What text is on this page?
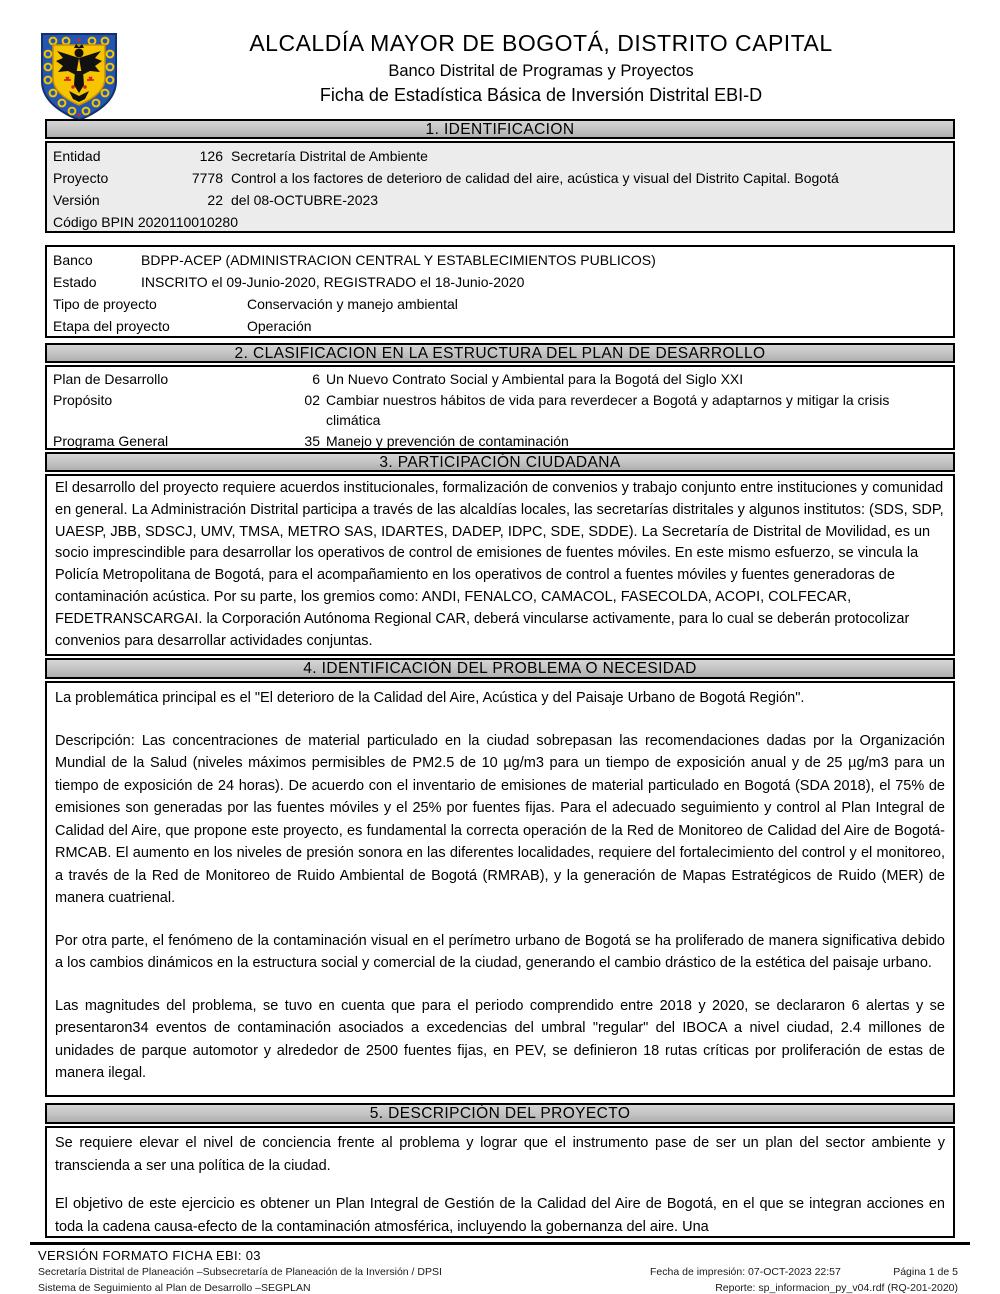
ALCALDÍA MAYOR DE BOGOTÁ, DISTRITO CAPITAL
Banco Distrital de Programas y Proyectos
Ficha de Estadística Básica de Inversión Distrital EBI-D
1. IDENTIFICACION
Entidad	126 Secretaría Distrital de Ambiente
Proyecto	7778 Control a los factores de deterioro de calidad del aire, acústica y visual del Distrito Capital. Bogotá
Versión	22 del 08-OCTUBRE-2023
Código BPIN 2020110010280
Banco	BDPP-ACEP (ADMINISTRACION CENTRAL Y ESTABLECIMIENTOS PUBLICOS)
Estado	INSCRITO el 09-Junio-2020, REGISTRADO el 18-Junio-2020
Tipo de proyecto	Conservación y manejo ambiental
Etapa del proyecto	Operación
2. CLASIFICACION EN LA ESTRUCTURA DEL PLAN DE DESARROLLO
Plan de Desarrollo	6 Un Nuevo Contrato Social y Ambiental para la Bogotá del Siglo XXI
Propósito	02 Cambiar nuestros hábitos de vida para reverdecer a Bogotá y adaptarnos y mitigar la crisis climática
Programa General	35 Manejo y prevención de contaminación
3. PARTICIPACIÓN CIUDADANA

El desarrollo del proyecto requiere acuerdos institucionales, formalización de convenios y trabajo conjunto entre instituciones y comunidad en general. La Administración Distrital participa a través de las alcaldías locales, las secretarías distritales y algunos institutos: (SDS, SDP, UAESP, JBB, SDSCJ, UMV, TMSA, METRO SAS, IDARTES, DADEP, IDPC, SDE, SDDE). La Secretaría de Distrital de Movilidad, es un socio imprescindible para desarrollar los operativos de control de emisiones de fuentes móviles. En este mismo esfuerzo, se vincula la Policía Metropolitana de Bogotá, para el acompañamiento en los operativos de control a fuentes móviles y fuentes generadoras de contaminación acústica. Por su parte, los gremios como: ANDI, FENALCO, CAMACOL, FASECOLDA, ACOPI, COLFECAR, FEDETRANSCARGAI. la Corporación Autónoma Regional CAR, deberá vincularse activamente, para lo cual se deberán protocolizar convenios para desarrollar actividades conjuntas.

4. IDENTIFICACIÓN DEL PROBLEMA O NECESIDAD

La problemática principal es el "El deterioro de la Calidad del Aire, Acústica y del Paisaje Urbano de Bogotá Región".

Descripción: Las concentraciones de material particulado en la ciudad sobrepasan las recomendaciones dadas por la Organización Mundial de la Salud (niveles máximos permisibles de PM2.5 de 10 µg/m3 para un tiempo de exposición anual y de 25 µg/m3 para un tiempo de exposición de 24 horas). De acuerdo con el inventario de emisiones de material particulado en Bogotá (SDA 2018), el 75% de emisiones son generadas por las fuentes móviles y el 25% por fuentes fijas. Para el adecuado seguimiento y control al Plan Integral de Calidad del Aire, que propone este proyecto, es fundamental la correcta operación de la Red de Monitoreo de Calidad del Aire de Bogotá-RMCAB. El aumento en los niveles de presión sonora en las diferentes localidades, requiere del fortalecimiento del control y el monitoreo, a través de la Red de Monitoreo de Ruido Ambiental de Bogotá (RMRAB), y la generación de Mapas Estratégicos de Ruido (MER) de manera cuatrienal.

Por otra parte, el fenómeno de la contaminación visual en el perímetro urbano de Bogotá se ha proliferado de manera significativa debido a los cambios dinámicos en la estructura social y comercial de la ciudad, generando el cambio drástico de la estética del paisaje urbano.

Las magnitudes del problema, se tuvo en cuenta que para el periodo comprendido entre 2018 y 2020, se declararon 6 alertas y se presentaron34 eventos de contaminación asociados a excedencias del umbral "regular" del IBOCA a nivel ciudad, 2.4 millones de unidades de parque automotor y alrededor de 2500 fuentes fijas, en PEV, se definieron 18 rutas críticas por proliferación de estas de manera ilegal.

5. DESCRIPCIÓN DEL PROYECTO

Se requiere elevar el nivel de conciencia frente al problema y lograr que el instrumento pase de ser un plan del sector ambiente y transcienda a ser una política de la ciudad.

El objetivo de este ejercicio es obtener un Plan Integral de Gestión de la Calidad del Aire de Bogotá, en el que se integran acciones en toda la cadena causa-efecto de la contaminación atmosférica, incluyendo la gobernanza del aire. Una

VERSIÓN FORMATO FICHA EBI: 03
Secretaría Distrital de Planeación –Subsecretaría de Planeación de la Inversión / DPSI	Fecha de impresión: 07-OCT-2023 22:57	Página 1 de 5
Sistema de Seguimiento al Plan de Desarrollo –SEGPLAN	Reporte: sp_informacion_py_v04.rdf (RQ-201-2020)
